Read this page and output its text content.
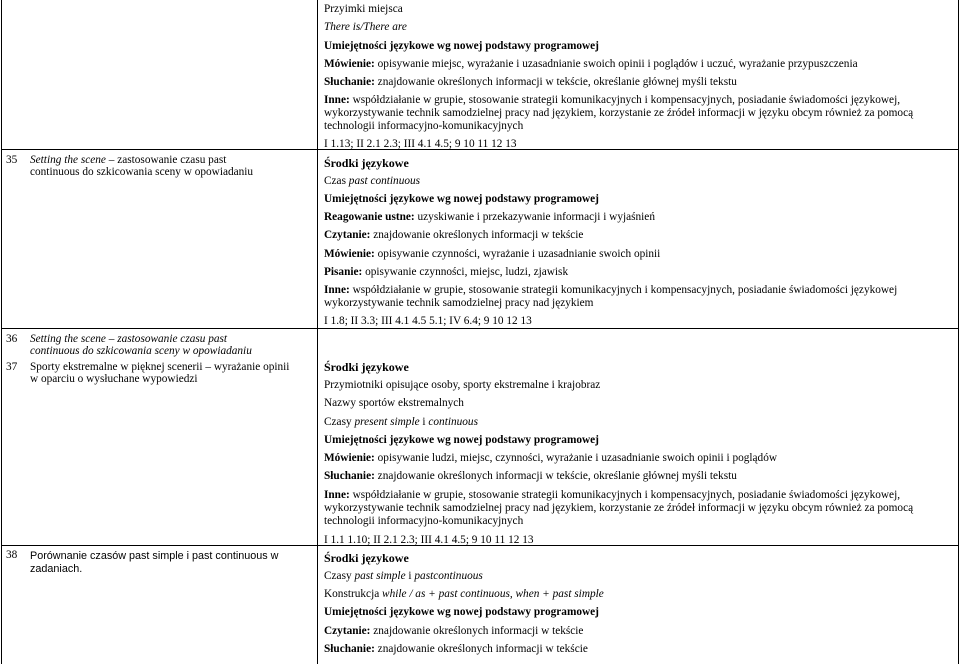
35 Setting the scene – zastosowanie czasu past
continuous do szkicowania sceny w opowiadaniu
36 Setting the scene – zastosowanie czasu past
continuous do szkicowania sceny w opowiadaniu
37 Sporty ekstremalne w pięknej scenerii – wyrażanie opinii w oparciu o wysłuchane wypowiedzi
38 Porównanie czasów past simple i past continuous w zadaniach.
Przyimki miejsca
There is/There are
Umiejętności językowe wg nowej podstawy programowej
Mówienie: opisywanie miejsc, wyrażanie i uzasadnianie swoich opinii i poglądów i uczuć, wyrażanie przypuszczenia
Słuchanie: znajdowanie określonych informacji w tekście, określanie głównej myśli tekstu
Inne: współdziałanie w grupie, stosowanie strategii komunikacyjnych i kompensacyjnych, posiadanie świadomości językowej,
wykorzystywanie technik samodzielnej pracy nad językiem, korzystanie ze źródeł informacji w języku obcym również za pomocą
technologii informacyjno-komunikacyjnych
I 1.13; II 2.1 2.3; III 4.1 4.5; 9 10 11 12 13
Środki językowe
Czas past continuous
Umiejętności językowe wg nowej podstawy programowej
Reagowanie ustne: uzyskiwanie i przekazywanie informacji i wyjaśnień
Czytanie: znajdowanie określonych informacji w tekście
Mówienie: opisywanie czynności, wyrażanie i uzasadnianie swoich opinii
Pisanie: opisywanie czynności, miejsc, ludzi, zjawisk
Inne: współdziałanie w grupie, stosowanie strategii komunikacyjnych i kompensacyjnych, posiadanie świadomości językowej
wykorzystywanie technik samodzielnej pracy nad językiem
I 1.8; II 3.3; III 4.1 4.5 5.1; IV 6.4; 9 10 12 13
Środki językowe
Przymiotniki opisujące osoby, sporty ekstremalne i krajobraz
Nazwy sportów ekstremalnych
Czasy present simple i continuous
Umiejętności językowe wg nowej podstawy programowej
Mówienie: opisywanie ludzi, miejsc, czynności, wyrażanie i uzasadnianie swoich opinii i poglądów
Słuchanie: znajdowanie określonych informacji w tekście, określanie głównej myśli tekstu
Inne: współdziałanie w grupie, stosowanie strategii komunikacyjnych i kompensacyjnych, posiadanie świadomości językowej,
wykorzystywanie technik samodzielnej pracy nad językiem, korzystanie ze źródeł informacji w języku obcym również za pomocą
technologii informacyjno-komunikacyjnych
I 1.1 1.10; II 2.1 2.3; III 4.1 4.5; 9 10 11 12 13
Środki językowe
Czasy past simple i pastcontinuous
Konstrukcja while / as + past continuous, when + past simple
Umiejętności językowe wg nowej podstawy programowej
Czytanie: znajdowanie określonych informacji w tekście
Słuchanie: znajdowanie określonych informacji w tekście
